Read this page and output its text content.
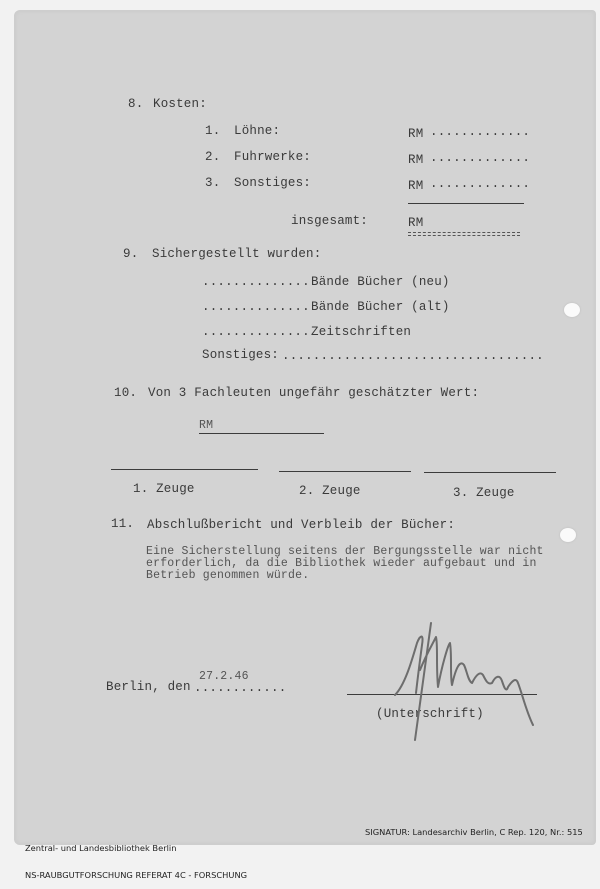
8. Kosten:
1. Löhne:	RM .............
2. Fuhrwerke:	RM .............
3. Sonstiges:	RM .............
insgesamt:	RM
9. Sichergestellt wurden:
.............. Bände Bücher (neu)
.............. Bände Bücher (alt)
.............. Zeitschriften
Sonstiges: ..................................
10. Von 3 Fachleuten ungefähr geschätzter Wert:
RM
1. Zeuge	2. Zeuge	3. Zeuge
11. Abschlußbericht und Verbleib der Bücher:
Eine Sicherstellung seitens der Bergungsstelle war nicht
erforderlich, da die Bibliothek wieder aufgebaut und in
Betrieb genommen würde.
Berlin, den
27.2.46
............
(Unterschrift)

Zentral- und Landesbibliothek Berlin

NS-RAUBGUTFORSCHUNG REFERAT 4C - FORSCHUNG

SIGNATUR: Landesarchiv Berlin, C Rep. 120, Nr.: 515
